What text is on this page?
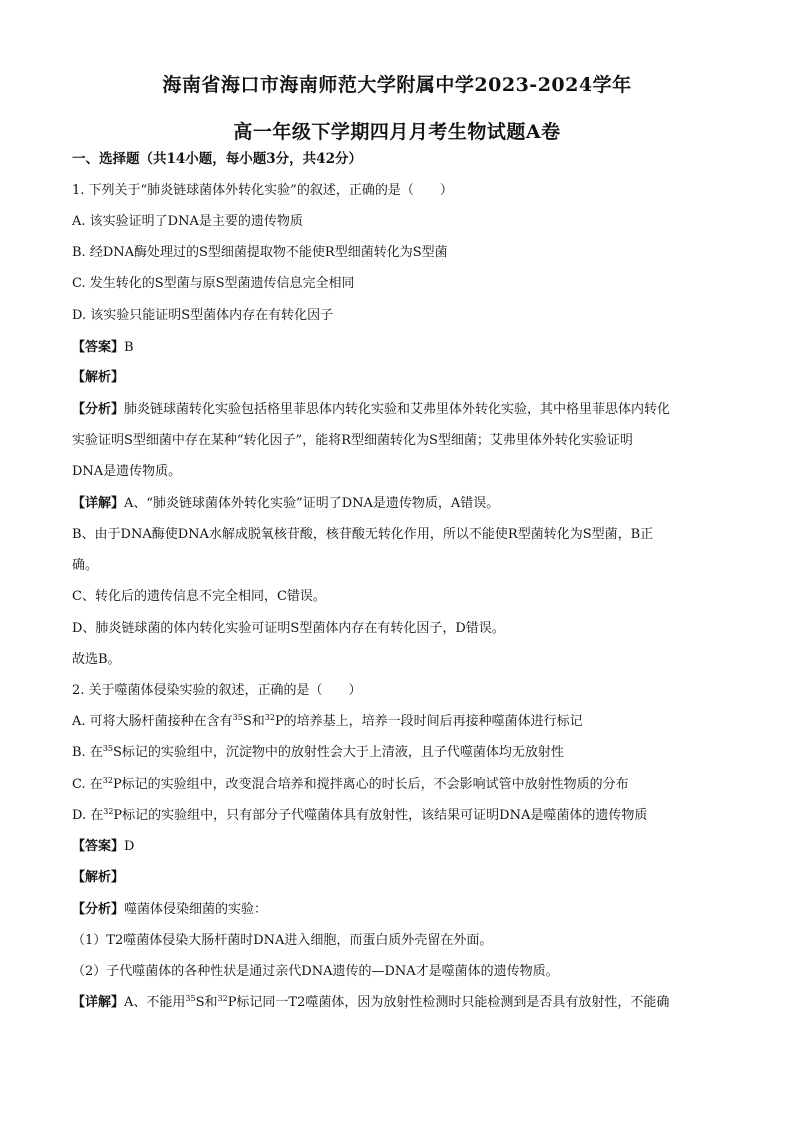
海南省海口市海南师范大学附属中学2023-2024学年
高一年级下学期四月月考生物试题A卷
一、选择题（共14小题，每小题3分，共42分）
1. 下列关于“肺炎链球菌体外转化实验”的叙述，正确的是（　　）
A. 该实验证明了DNA是主要的遗传物质
B. 经DNA酶处理过的S型细菌提取物不能使R型细菌转化为S型菌
C. 发生转化的S型菌与原S型菌遗传信息完全相同
D. 该实验只能证明S型菌体内存在有转化因子
【答案】B
【解析】
【分析】肺炎链球菌转化实验包括格里菲思体内转化实验和艾弗里体外转化实验，其中格里菲思体内转化
实验证明S型细菌中存在某种“转化因子”，能将R型细菌转化为S型细菌；艾弗里体外转化实验证明
DNA是遗传物质。
【详解】A、“肺炎链球菌体外转化实验”证明了DNA是遗传物质，A错误。
B、由于DNA酶使DNA水解成脱氧核苷酸，核苷酸无转化作用，所以不能使R型菌转化为S型菌，B正
确。
C、转化后的遗传信息不完全相同，C错误。
D、肺炎链球菌的体内转化实验可证明S型菌体内存在有转化因子，D错误。
故选B。
2. 关于噬菌体侵染实验的叙述，正确的是（　　）
A. 可将大肠杆菌接种在含有$^{35}$S和$^{32}$P的培养基上，培养一段时间后再接种噬菌体进行标记
B. 在$^{35}$S标记的实验组中，沉淀物中的放射性会大于上清液，且子代噬菌体均无放射性
C. 在$^{32}$P标记的实验组中，改变混合培养和搅拌离心的时长后，不会影响试管中放射性物质的分布
D. 在$^{32}$P标记的实验组中，只有部分子代噬菌体具有放射性，该结果可证明DNA是噬菌体的遗传物质
【答案】D
【解析】
【分析】噬菌体侵染细菌的实验：
（1）T2噬菌体侵染大肠杆菌时DNA进入细胞，而蛋白质外壳留在外面。
（2）子代噬菌体的各种性状是通过亲代DNA遗传的—DNA才是噬菌体的遗传物质。
【详解】A、不能用$^{35}$S和$^{32}$P标记同一T2噬菌体，因为放射性检测时只能检测到是否具有放射性，不能确
